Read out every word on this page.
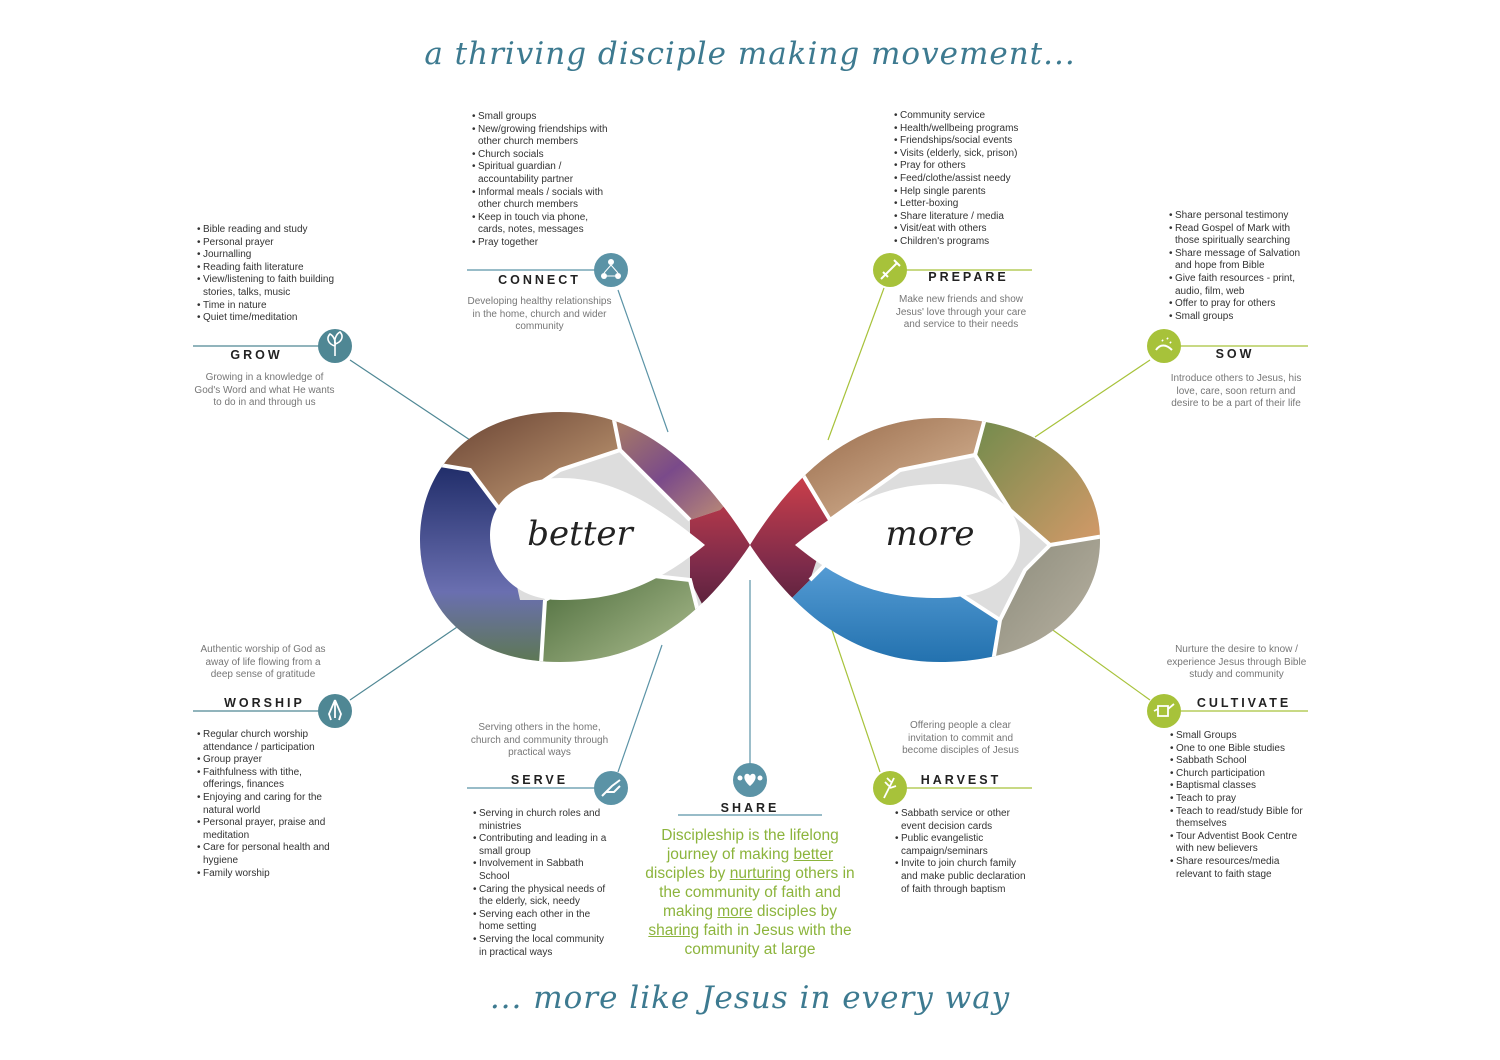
a thriving disciple making movement...
better	more
• Bible reading and study
• Personal prayer
• Journalling
• Reading faith literature
• View/listening to faith building stories, talks, music
• Time in nature
• Quiet time/meditation
GROW
Growing in a knowledge of God's Word and what He wants to do in and through us
• Small groups
• New/growing friendships with other church members
• Church socials
• Spiritual guardian / accountability partner
• Informal meals / socials with other church members
• Keep in touch via phone, cards, notes, messages
• Pray together
CONNECT
Developing healthy relationships in the home, church and wider community
• Community service
• Health/wellbeing programs
• Friendships/social events
• Visits (elderly, sick, prison)
• Pray for others
• Feed/clothe/assist needy
• Help single parents
• Letter-boxing
• Share literature / media
• Visit/eat with others
• Children's programs
PREPARE
Make new friends and show Jesus' love through your care and service to their needs
• Share personal testimony
• Read Gospel of Mark with those spiritually searching
• Share message of Salvation and hope from Bible
• Give faith resources - print, audio, film, web
• Offer to pray for others
• Small groups
SOW
Introduce others to Jesus, his love, care, soon return and desire to be a part of their life
Authentic worship of God as away of life flowing from a deep sense of gratitude
WORSHIP
• Regular church worship attendance / participation
• Group prayer
• Faithfulness with tithe, offerings, finances
• Enjoying and caring for the natural world
• Personal prayer, praise and meditation
• Care for personal health and hygiene
• Family worship
Serving others in the home, church and community through practical ways
SERVE
• Serving in church roles and ministries
• Contributing and leading in a small group
• Involvement in Sabbath School
• Caring the physical needs of the elderly, sick, needy
• Serving each other in the home setting
• Serving the local community in practical ways
SHARE
Discipleship is the lifelong journey of making better disciples by nurturing others in the community of faith and making more disciples by sharing faith in Jesus with the community at large
Offering people a clear invitation to commit and become disciples of Jesus
HARVEST
• Sabbath service or other event decision cards
• Public evangelistic campaign/seminars
• Invite to join church family and make public declaration of faith through baptism
Nurture the desire to know / experience Jesus through Bible study and community
CULTIVATE
• Small Groups
• One to one Bible studies
• Sabbath School
• Church participation
• Baptismal classes
• Teach to pray
• Teach to read/study Bible for themselves
• Tour Adventist Book Centre with new believers
• Share resources/media relevant to faith stage
... more like Jesus in every way
